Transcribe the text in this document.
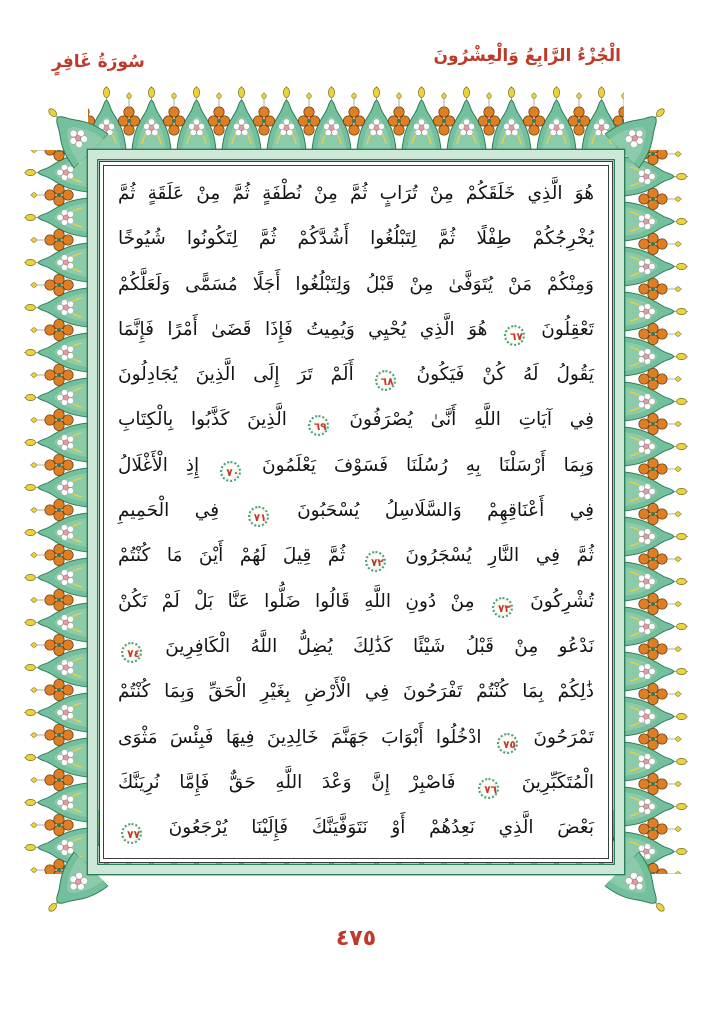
الْجُزْءُ الرَّابِعُ وَالْعِشْرُونَ
سُورَةُ غَافِرٍ
هُوَ الَّذِي خَلَقَكُمْ مِنْ تُرَابٍ ثُمَّ مِنْ نُطْفَةٍ ثُمَّ مِنْ عَلَقَةٍ ثُمَّ
يُخْرِجُكُمْ طِفْلًا ثُمَّ لِتَبْلُغُوا أَشُدَّكُمْ ثُمَّ لِتَكُونُوا شُيُوخًا
وَمِنْكُمْ مَنْ يُتَوَفَّىٰ مِنْ قَبْلُ وَلِتَبْلُغُوا أَجَلًا مُسَمًّى وَلَعَلَّكُمْ
تَعْقِلُونَ ٦٧ هُوَ الَّذِي يُحْيِي وَيُمِيتُ فَإِذَا قَضَىٰ أَمْرًا فَإِنَّمَا
يَقُولُ لَهُ كُنْ فَيَكُونُ ٦٨ أَلَمْ تَرَ إِلَى الَّذِينَ يُجَادِلُونَ
فِي آيَاتِ اللَّهِ أَنَّىٰ يُصْرَفُونَ ٦٩ الَّذِينَ كَذَّبُوا بِالْكِتَابِ
وَبِمَا أَرْسَلْنَا بِهِ رُسُلَنَا فَسَوْفَ يَعْلَمُونَ ٧٠ إِذِ الْأَغْلَالُ
فِي أَعْنَاقِهِمْ وَالسَّلَاسِلُ يُسْحَبُونَ ٧١ فِي الْحَمِيمِ
ثُمَّ فِي النَّارِ يُسْجَرُونَ ٧٢ ثُمَّ قِيلَ لَهُمْ أَيْنَ مَا كُنْتُمْ
تُشْرِكُونَ ٧٣ مِنْ دُونِ اللَّهِ قَالُوا ضَلُّوا عَنَّا بَلْ لَمْ نَكُنْ
نَدْعُو مِنْ قَبْلُ شَيْئًا كَذَٰلِكَ يُضِلُّ اللَّهُ الْكَافِرِينَ ٧٤
ذَٰلِكُمْ بِمَا كُنْتُمْ تَفْرَحُونَ فِي الْأَرْضِ بِغَيْرِ الْحَقِّ وَبِمَا كُنْتُمْ
تَمْرَحُونَ ٧٥ ادْخُلُوا أَبْوَابَ جَهَنَّمَ خَالِدِينَ فِيهَا فَبِئْسَ مَثْوَى
الْمُتَكَبِّرِينَ ٧٦ فَاصْبِرْ إِنَّ وَعْدَ اللَّهِ حَقٌّ فَإِمَّا نُرِيَنَّكَ
بَعْضَ الَّذِي نَعِدُهُمْ أَوْ نَتَوَفَّيَنَّكَ فَإِلَيْنَا يُرْجَعُونَ ٧٧
٤٧٥
